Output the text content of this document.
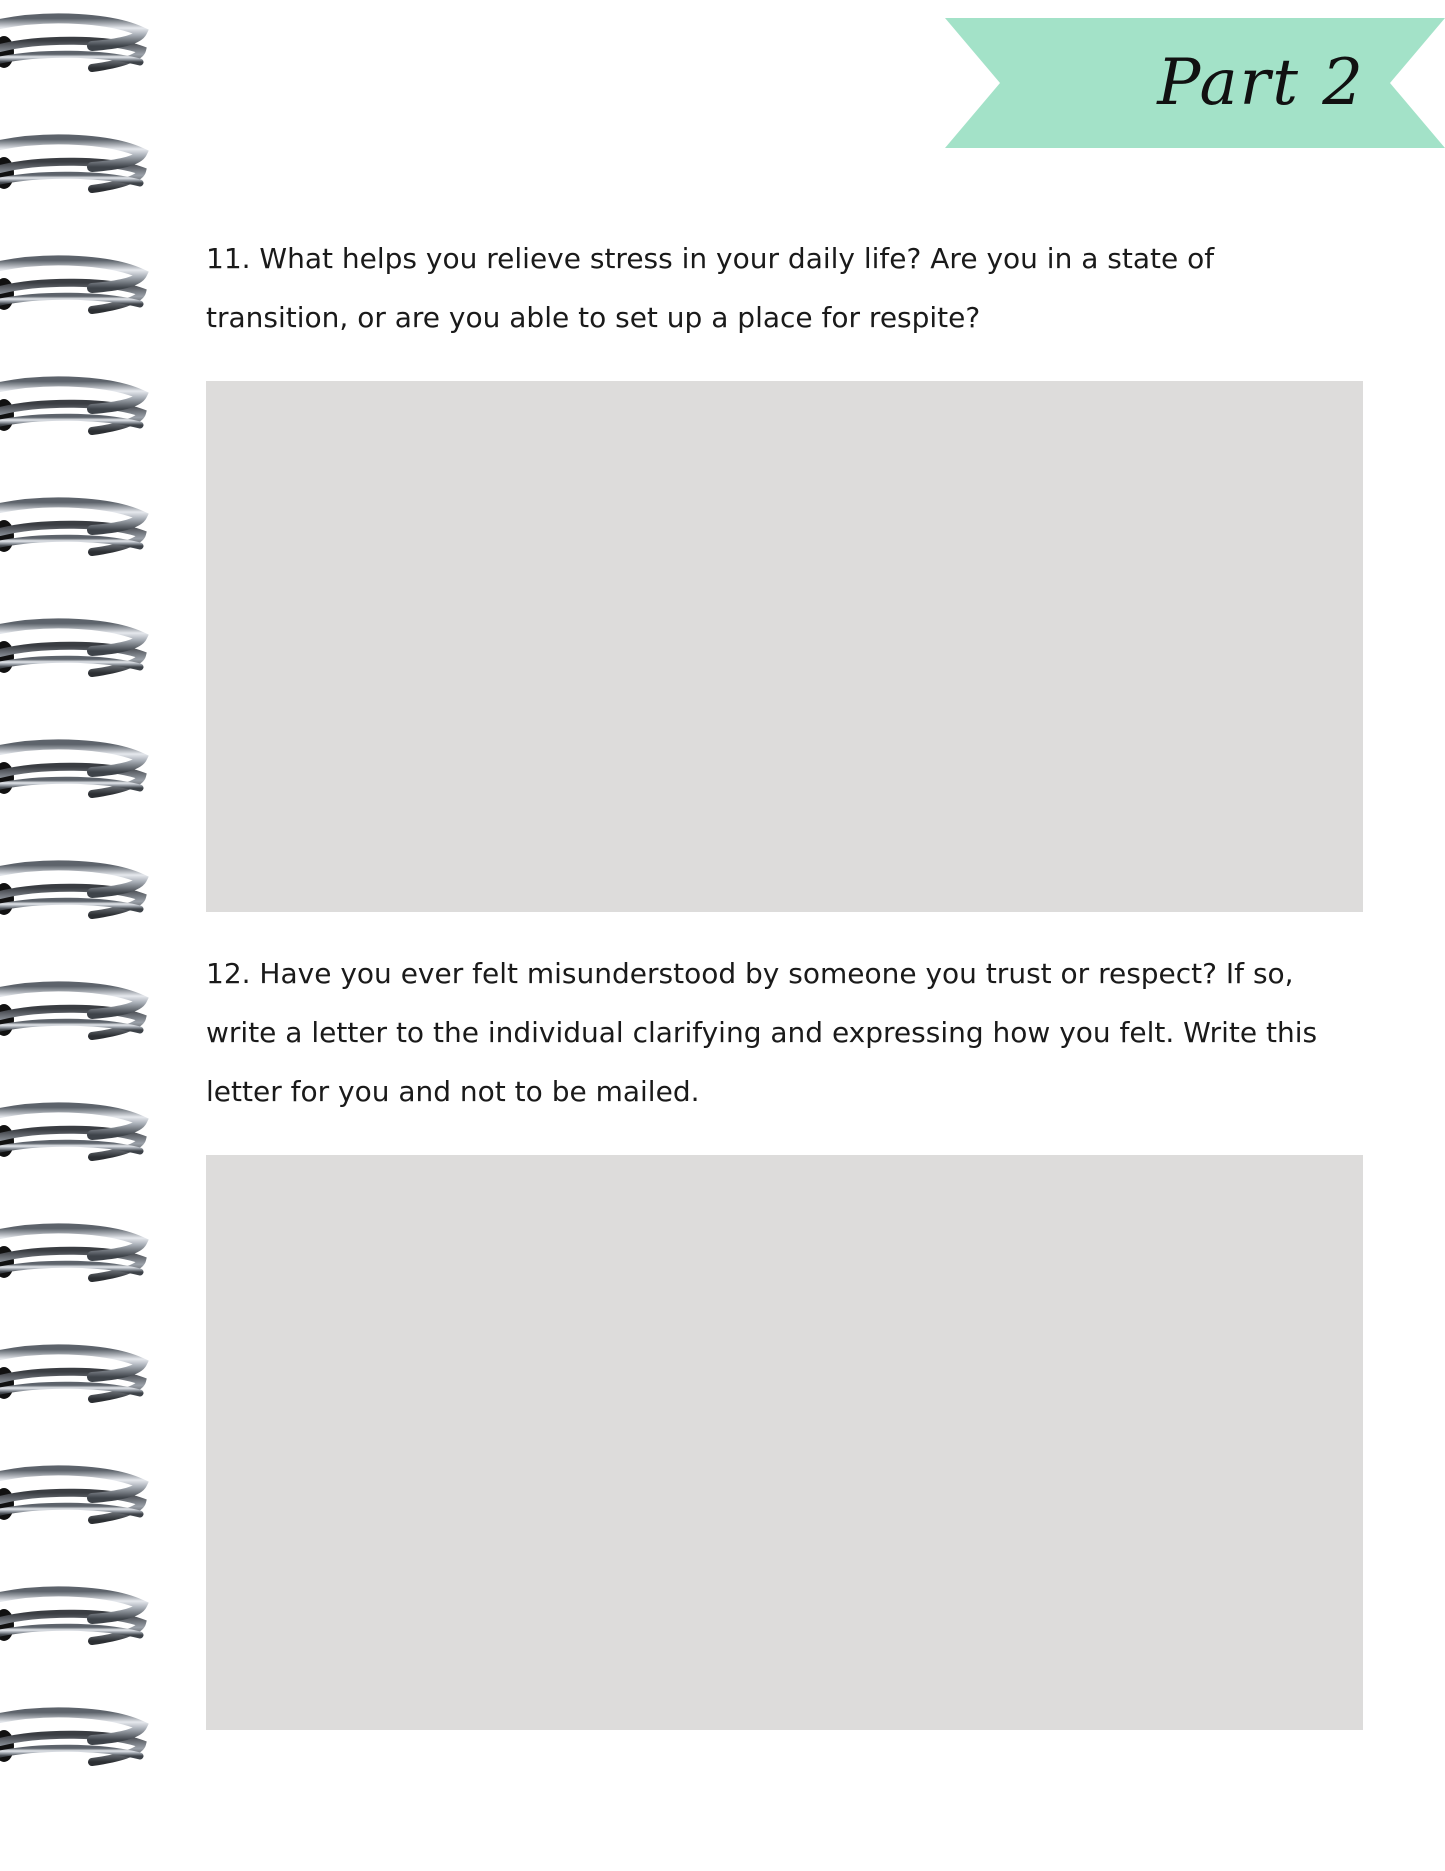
Part 2

11. What helps you relieve stress in your daily life? Are you in a state of transition, or are you able to set up a place for respite?

12. Have you ever felt misunderstood by someone you trust or respect? If so, write a letter to the individual clarifying and expressing how you felt. Write this letter for you and not to be mailed.
